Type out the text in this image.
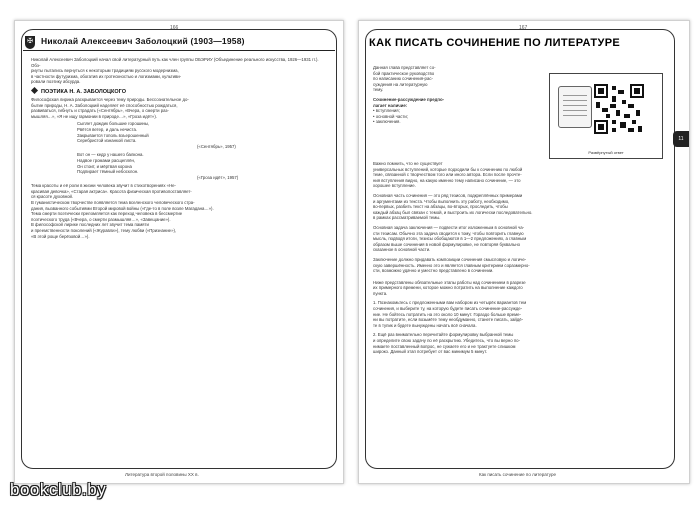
166
✠ Николай Алексеевич Заболоцкий (1903—1958)

Николай Алексеевич Заболоцкий начал свой литературный путь как член группы ОБЭРИУ (Объединение реального искусства, 1926—1931 гг.). Обэ-

риуты пытались вернуться к некоторым традициям русского модернизма,

в частности футуризма, обогатив их гротескностью и логизмами, культиви-

ровали поэтику абсурда.

ПОЭТИКА Н. А. ЗАБОЛОЦКОГО

Философская лирика раскрывается через тему природы. Бессознательное до-

бытие природы, Н. А. Заболоцкий наделяет её способностью рождаться,

развиваться, гибнуть и страдать («Сентябрь», «Вчера, о смерти раз-

мышляя…», «Я не ищу гармонии в природе…», «Гроза идёт»).

Сыплет дождик большие горошины,

Рвётся ветер, и даль нечиста.

Закрывается тополь взъерошенный

Серебристой изнанкой листа.

(«Сентябрь», 1957)

Вот он — кедр у нашего балкона.

Надвое громами расщеплён,

Он стоит, и мёртвая корона

Подпирает тёмный небосклон.

(«Гроза идёт», 1957)

Тема красоты и её роли в жизни человека звучит в стихотворениях «Не-

красивая девочка», «Старая актриса». Красота физическая противопоставляет-

ся красоте духовной.

В гуманистическом творчестве появляется тема вселенского человеческого стра-

дания, вызванного событиями Второй мировой войны («Где-то в поле возле Магадана…»).

Тема смерти поэтически преломляется как переход человека в бессмертие

поэтического труда («Вчера, о смерти размышляя…», «Завещание»).

В философской лирике последних лет звучит тема памяти

и преемственности поколений («Журавли»), тему любви («Признание»),

«В этой роще берёзовой…»).

Литература второй половины XX в.
167
КАК ПИСАТЬ СОЧИНЕНИЕ ПО ЛИТЕРАТУРЕ

Данная глава представляет со-

бой практическое руководство

по написанию сочинения-рас-

суждения на литературную

тему.

Сочинение-рассуждение предпо-

лагает наличие:

• вступления;

• основной части;

• заключения.

Развёрнутый ответ
11

Важно помнить, что не существует

универсальных вступлений, которые подходили бы к сочинению по любой

теме, связанной с творчеством того или иного автора. Если после прочте-

ния вступления видно, на какую именно тему написано сочинение, — это

хорошее вступление.

Основная часть сочинения — это ряд тезисов, подкреплённых примерами

и аргументами из текста. Чтобы выполнить эту работу, необходимо,

во-первых, разбить текст на абзацы, во-вторых, проследить, чтобы

каждый абзац был связан с темой, и выстроить их логически последовательно.

в рамках рассматриваемой темы.

Основная задача заключения — подвести итог изложенным в основной ча-

сти тезисам. Обычно эта задача сводится к тому, чтобы повторить главную

мысль, подводя итоги, тезисы обобщаются в 1—2 предложениях, а главным

образом выше сочинения в новой формулировке, не повторяя буквально

сказанное в основной части.

Заключение должно придавать композиции сочинения смысловую и логиче-

скую завершённость. Именно это и является главным критерием соразмерно-

сти, возможно удачно и уместно представлено в сочинении.

Ниже представлены обязательные этапы работы над сочинением в разрезе

их примерного времени, которое можно потратить на выполнение каждого

пункта.

1. Познакомьтесь с предложенными вам набором из четырёх вариантов тем

сочинения, и выберите ту, на которую будете писать сочинение-рассужде-

ние. Не бойтесь потратить на это около 10 минут. Гораздо больше време-

ни вы потратите, если возьмёте тему необдуманно, станете писать, зайдё-

те в тупик и будете вынуждены начать всё сначала.

2. Ещё раз внимательно перечитайте формулировку выбранной темы

и определите свою задачу по её раскрытию. Убедитесь, что вы верно по-

нимаете поставленный вопрос, не сужаете его и не трактуете слишком

широко. Данный этап потребует от вас минимум 5 минут.

Как писать сочинение по литературе
bookclub.by
